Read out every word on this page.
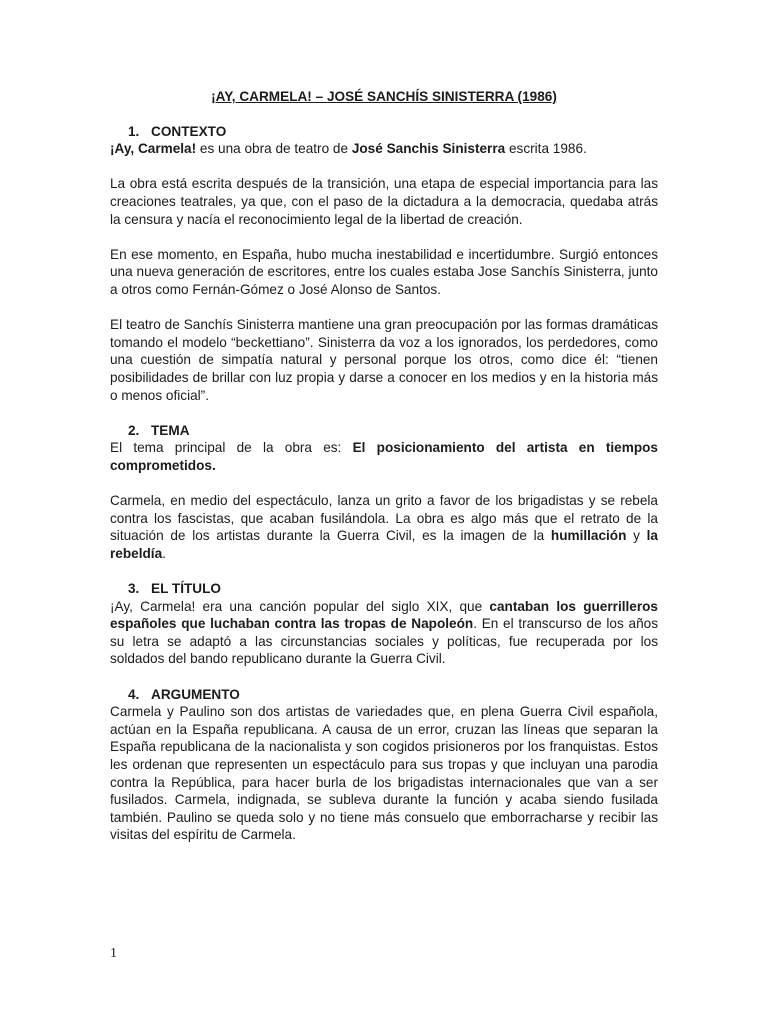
¡AY, CARMELA! – JOSÉ SANCHÍS SINISTERRA (1986)
1. CONTEXTO

¡Ay, Carmela! es una obra de teatro de José Sanchis Sinisterra escrita 1986.

La obra está escrita después de la transición, una etapa de especial importancia para las creaciones teatrales, ya que, con el paso de la dictadura a la democracia, quedaba atrás la censura y nacía el reconocimiento legal de la libertad de creación.

En ese momento, en España, hubo mucha inestabilidad e incertidumbre. Surgió entonces una nueva generación de escritores, entre los cuales estaba Jose Sanchís Sinisterra, junto a otros como Fernán-Gómez o José Alonso de Santos.

El teatro de Sanchís Sinisterra mantiene una gran preocupación por las formas dramáticas tomando el modelo “beckettiano”. Sinisterra da voz a los ignorados, los perdedores, como una cuestión de simpatía natural y personal porque los otros, como dice él: “tienen posibilidades de brillar con luz propia y darse a conocer en los medios y en la historia más o menos oficial”.

2. TEMA

El tema principal de la obra es: El posicionamiento del artista en tiempos comprometidos.

Carmela, en medio del espectáculo, lanza un grito a favor de los brigadistas y se rebela contra los fascistas, que acaban fusilándola. La obra es algo más que el retrato de la situación de los artistas durante la Guerra Civil, es la imagen de la humillación y la rebeldía.

3. EL TÍTULO

¡Ay, Carmela! era una canción popular del siglo XIX, que cantaban los guerrilleros españoles que luchaban contra las tropas de Napoleón. En el transcurso de los años su letra se adaptó a las circunstancias sociales y políticas, fue recuperada por los soldados del bando republicano durante la Guerra Civil.

4. ARGUMENTO

Carmela y Paulino son dos artistas de variedades que, en plena Guerra Civil española, actúan en la España republicana. A causa de un error, cruzan las líneas que separan la España republicana de la nacionalista y son cogidos prisioneros por los franquistas. Estos les ordenan que representen un espectáculo para sus tropas y que incluyan una parodia contra la República, para hacer burla de los brigadistas internacionales que van a ser fusilados. Carmela, indignada, se subleva durante la función y acaba siendo fusilada también. Paulino se queda solo y no tiene más consuelo que emborracharse y recibir las visitas del espíritu de Carmela.

1
